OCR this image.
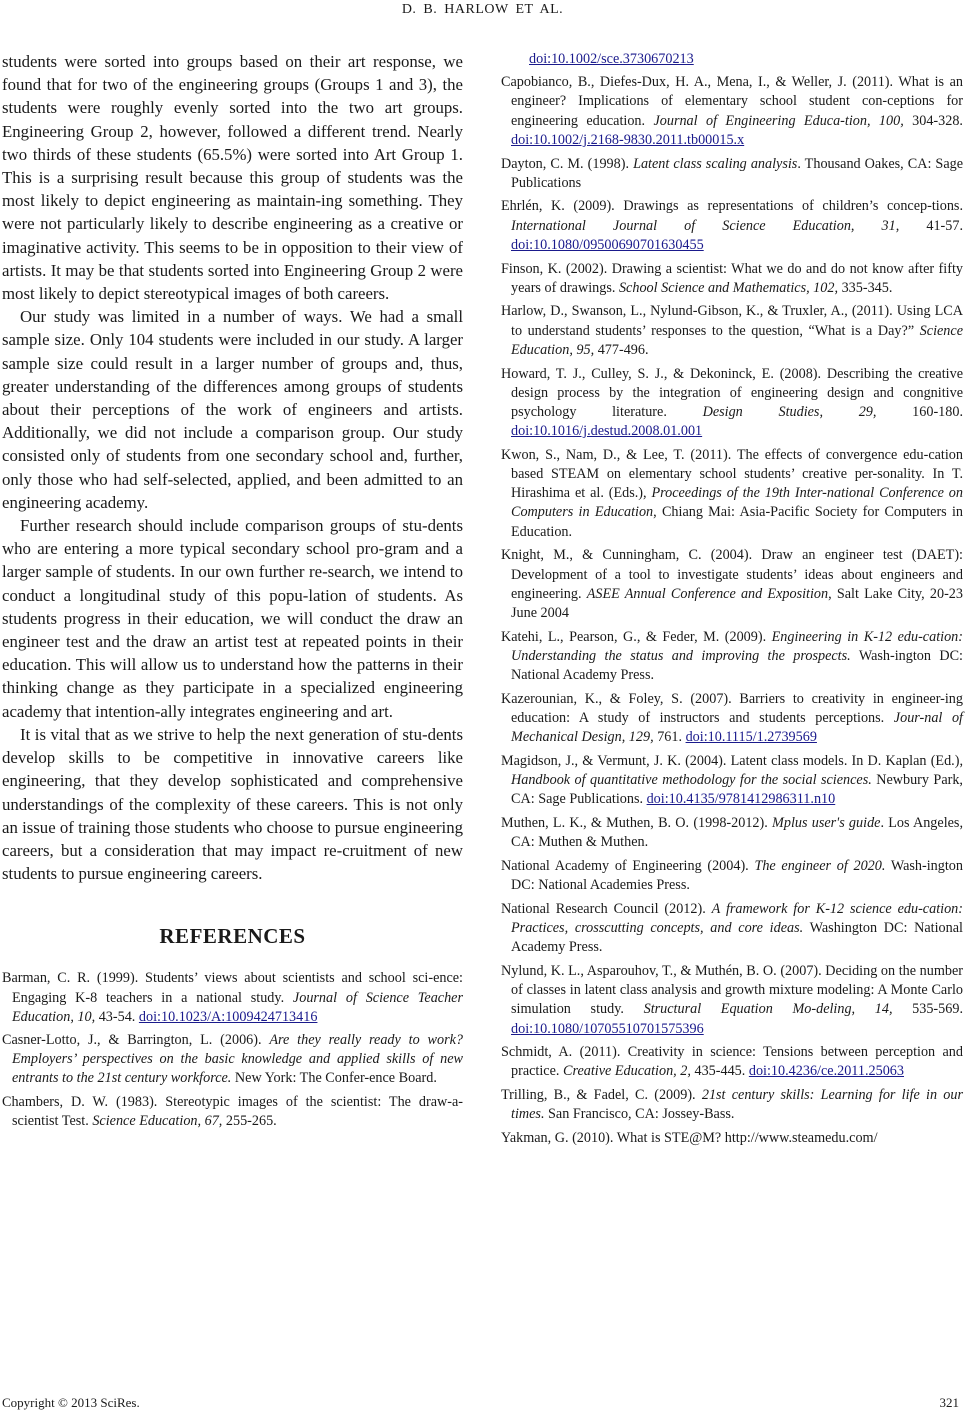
D. B. HARLOW ET AL.

students were sorted into groups based on their art response, we found that for two of the engineering groups (Groups 1 and 3), the students were roughly evenly sorted into the two art groups. Engineering Group 2, however, followed a different trend. Nearly two thirds of these students (65.5%) were sorted into Art Group 1. This is a surprising result because this group of students was the most likely to depict engineering as maintain-ing something. They were not particularly likely to describe engineering as a creative or imaginative activity. This seems to be in opposition to their view of artists. It may be that students sorted into Engineering Group 2 were most likely to depict stereotypical images of both careers.

Our study was limited in a number of ways. We had a small sample size. Only 104 students were included in our study. A larger sample size could result in a larger number of groups and, thus, greater understanding of the differences among groups of students about their perceptions of the work of engineers and artists. Additionally, we did not include a comparison group. Our study consisted only of students from one secondary school and, further, only those who had self-selected, applied, and been admitted to an engineering academy.

Further research should include comparison groups of stu-dents who are entering a more typical secondary school pro-gram and a larger sample of students. In our own further re-search, we intend to conduct a longitudinal study of this popu-lation of students. As students progress in their education, we will conduct the draw an engineer test and the draw an artist test at repeated points in their education. This will allow us to understand how the patterns in their thinking change as they participate in a specialized engineering academy that intention-ally integrates engineering and art.

It is vital that as we strive to help the next generation of stu-dents develop skills to be competitive in innovative careers like engineering, that they develop sophisticated and comprehensive understandings of the complexity of these careers. This is not only an issue of training those students who choose to pursue engineering careers, but a consideration that may impact re-cruitment of new students to pursue engineering careers.

REFERENCES

Barman, C. R. (1999). Students’ views about scientists and school sci-ence: Engaging K-8 teachers in a national study. Journal of Science Teacher Education, 10, 43-54. doi:10.1023/A:1009424713416

Casner-Lotto, J., & Barrington, L. (2006). Are they really ready to work? Employers’ perspectives on the basic knowledge and applied skills of new entrants to the 21st century workforce. New York: The Confer-ence Board.

Chambers, D. W. (1983). Stereotypic images of the scientist: The draw-a-scientist Test. Science Education, 67, 255-265.

doi:10.1002/sce.3730670213

Capobianco, B., Diefes-Dux, H. A., Mena, I., & Weller, J. (2011). What is an engineer? Implications of elementary school student con-ceptions for engineering education. Journal of Engineering Educa-tion, 100, 304-328. doi:10.1002/j.2168-9830.2011.tb00015.x

Dayton, C. M. (1998). Latent class scaling analysis. Thousand Oakes, CA: Sage Publications

Ehrlén, K. (2009). Drawings as representations of children’s concep-tions. International Journal of Science Education, 31, 41-57. doi:10.1080/09500690701630455

Finson, K. (2002). Drawing a scientist: What we do and do not know after fifty years of drawings. School Science and Mathematics, 102, 335-345.

Harlow, D., Swanson, L., Nylund-Gibson, K., & Truxler, A., (2011). Using LCA to understand students’ responses to the question, “What is a Day?” Science Education, 95, 477-496.

Howard, T. J., Culley, S. J., & Dekoninck, E. (2008). Describing the creative design process by the integration of engineering design and congnitive psychology literature. Design Studies, 29, 160-180. doi:10.1016/j.destud.2008.01.001

Kwon, S., Nam, D., & Lee, T. (2011). The effects of convergence edu-cation based STEAM on elementary school students’ creative per-sonality. In T. Hirashima et al. (Eds.), Proceedings of the 19th Inter-national Conference on Computers in Education, Chiang Mai: Asia-Pacific Society for Computers in Education.

Knight, M., & Cunningham, C. (2004). Draw an engineer test (DAET): Development of a tool to investigate students’ ideas about engineers and engineering. ASEE Annual Conference and Exposition, Salt Lake City, 20-23 June 2004

Katehi, L., Pearson, G., & Feder, M. (2009). Engineering in K-12 edu-cation: Understanding the status and improving the prospects. Wash-ington DC: National Academy Press.

Kazerounian, K., & Foley, S. (2007). Barriers to creativity in engineer-ing education: A study of instructors and students perceptions. Jour-nal of Mechanical Design, 129, 761. doi:10.1115/1.2739569

Magidson, J., & Vermunt, J. K. (2004). Latent class models. In D. Kaplan (Ed.), Handbook of quantitative methodology for the social sciences. Newbury Park, CA: Sage Publications. doi:10.4135/9781412986311.n10

Muthen, L. K., & Muthen, B. O. (1998-2012). Mplus user's guide. Los Angeles, CA: Muthen & Muthen.

National Academy of Engineering (2004). The engineer of 2020. Wash-ington DC: National Academies Press.

National Research Council (2012). A framework for K-12 science edu-cation: Practices, crosscutting concepts, and core ideas. Washington DC: National Academy Press.

Nylund, K. L., Asparouhov, T., & Muthén, B. O. (2007). Deciding on the number of classes in latent class analysis and growth mixture modeling: A Monte Carlo simulation study. Structural Equation Mo-deling, 14, 535-569. doi:10.1080/10705510701575396

Schmidt, A. (2011). Creativity in science: Tensions between perception and practice. Creative Education, 2, 435-445. doi:10.4236/ce.2011.25063

Trilling, B., & Fadel, C. (2009). 21st century skills: Learning for life in our times. San Francisco, CA: Jossey-Bass.

Yakman, G. (2010). What is STE@M? http://www.steamedu.com/

Copyright © 2013 SciRes.	321
